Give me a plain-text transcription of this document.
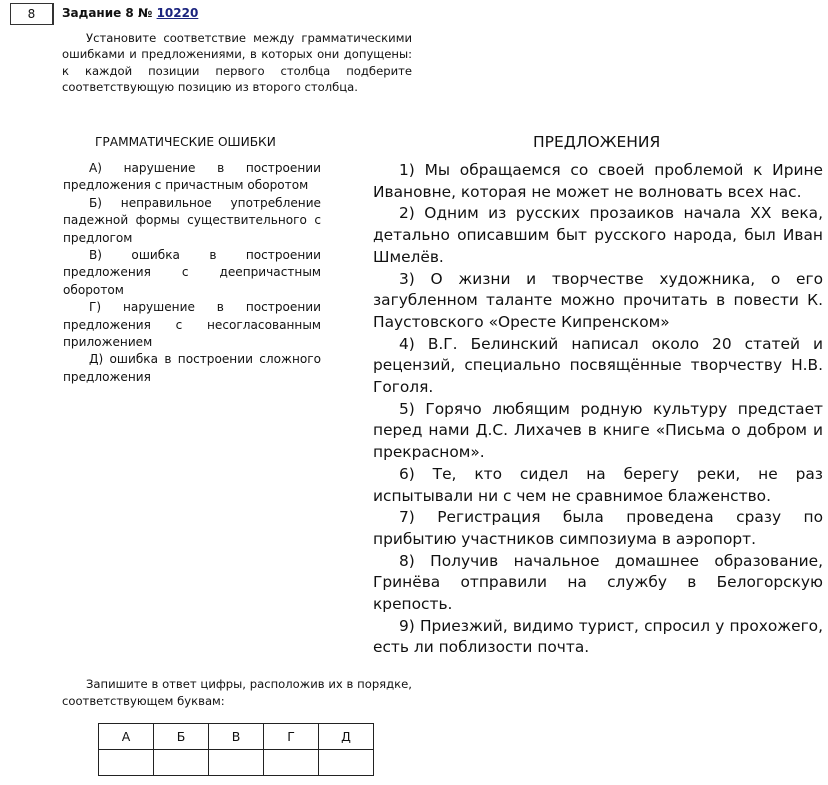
8	Задание 8 № 10220

Установите соответствие между грамматическими ошибками и предложениями, в которых они допущены: к каждой позиции первого столбца подберите соответствующую позицию из второго столбца.

ГРАММАТИЧЕСКИЕ ОШИБКИ

А) нарушение в построении предложения с причастным оборотом

Б) неправильное употребление падежной формы существительного с предлогом

В) ошибка в построении предложения с деепричастным оборотом

Г) нарушение в построении предложения с несогласованным приложением

Д) ошибка в построении сложного предложения

ПРЕДЛОЖЕНИЯ

1) Мы обращаемся со своей проблемой к Ирине Ивановне, которая не может не волновать всех нас.

2) Одним из русских прозаиков начала XX века, детально описавшим быт русского народа, был Иван Шмелёв.

3) О жизни и творчестве художника, о его загубленном таланте можно прочитать в повести К. Паустовского «Оресте Кипренском»

4) В.Г. Белинский написал около 20 статей и рецензий, специально посвящённые творчеству Н.В. Гоголя.

5) Горячо любящим родную культуру предстает перед нами Д.С. Лихачев в книге «Письма о добром и прекрасном».

6) Те, кто сидел на берегу реки, не раз испытывали ни с чем не сравнимое блаженство.

7) Регистрация была проведена сразу по прибытию участников симпозиума в аэропорт.

8) Получив начальное домашнее образование, Гринёва отправили на службу в Белогорскую крепость.

9) Приезжий, видимо турист, спросил у прохожего, есть ли поблизости почта.

Запишите в ответ цифры, расположив их в порядке, соответствующем буквам:

А	Б	В	Г	Д
